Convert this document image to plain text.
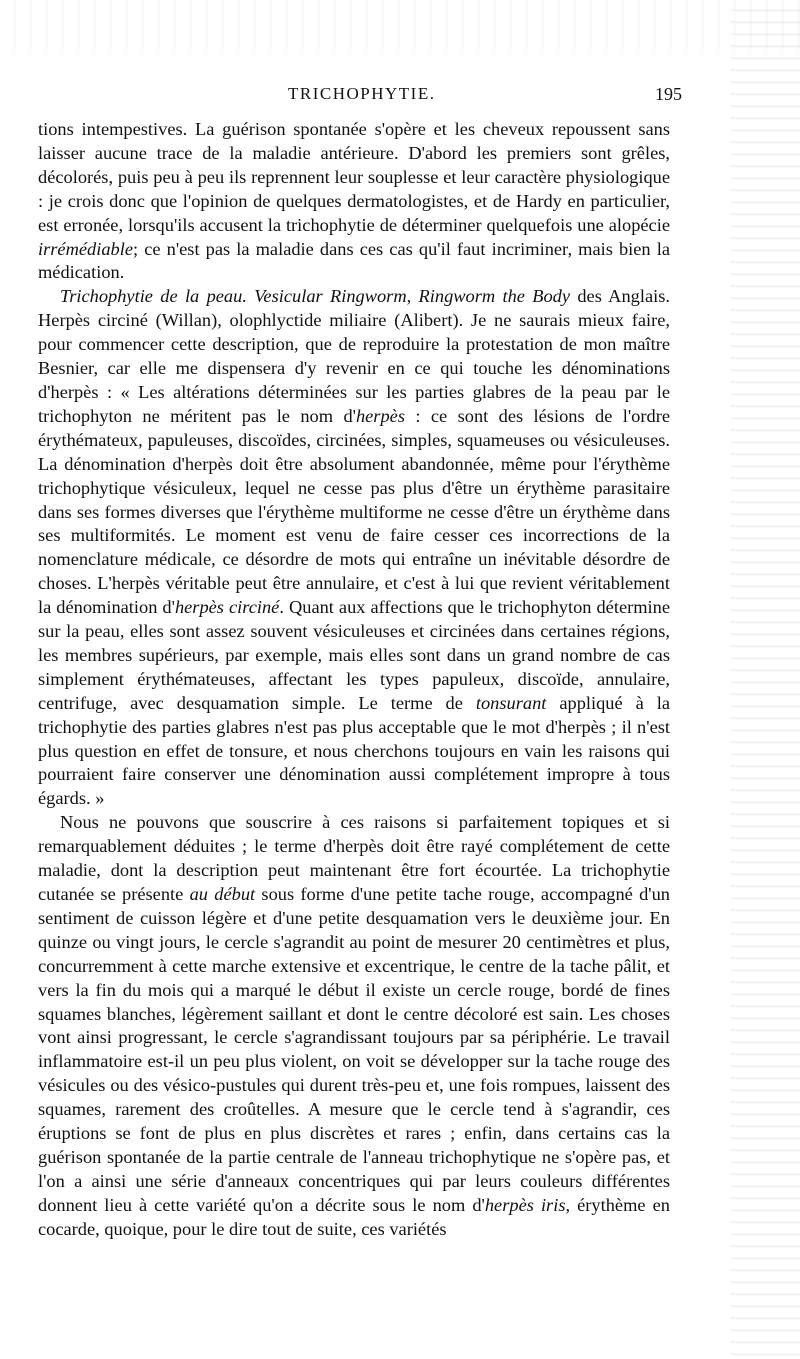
TRICHOPHYTIE.	195

tions intempestives. La guérison spontanée s'opère et les cheveux repoussent sans laisser aucune trace de la maladie antérieure. D'abord les premiers sont grêles, décolorés, puis peu à peu ils reprennent leur souplesse et leur caractère physiologique : je crois donc que l'opinion de quelques dermatologistes, et de Hardy en particulier, est erronée, lorsqu'ils accusent la trichophytie de déterminer quelquefois une alopécie irrémédiable; ce n'est pas la maladie dans ces cas qu'il faut incriminer, mais bien la médication.

Trichophytie de la peau. Vesicular Ringworm, Ringworm the Body des Anglais. Herpès circiné (Willan), olophlyctide miliaire (Alibert). Je ne saurais mieux faire, pour commencer cette description, que de reproduire la protestation de mon maître Besnier, car elle me dispensera d'y revenir en ce qui touche les dénominations d'herpès : « Les altérations déterminées sur les parties glabres de la peau par le trichophyton ne méritent pas le nom d'herpès : ce sont des lésions de l'ordre érythémateux, papuleuses, discoïdes, circinées, simples, squameuses ou vésiculeuses. La dénomination d'herpès doit être absolument abandonnée, même pour l'érythème trichophytique vésiculeux, lequel ne cesse pas plus d'être un érythème parasitaire dans ses formes diverses que l'érythème multiforme ne cesse d'être un érythème dans ses multiformités. Le moment est venu de faire cesser ces incorrections de la nomenclature médicale, ce désordre de mots qui entraîne un inévitable désordre de choses. L'herpès véritable peut être annulaire, et c'est à lui que revient véritablement la dénomination d'herpès circiné. Quant aux affections que le trichophyton détermine sur la peau, elles sont assez souvent vésiculeuses et circinées dans certaines régions, les membres supérieurs, par exemple, mais elles sont dans un grand nombre de cas simplement érythémateuses, affectant les types papuleux, discoïde, annulaire, centrifuge, avec desquamation simple. Le terme de tonsurant appliqué à la trichophytie des parties glabres n'est pas plus acceptable que le mot d'herpès ; il n'est plus question en effet de tonsure, et nous cherchons toujours en vain les raisons qui pourraient faire conserver une dénomination aussi complétement impropre à tous égards. »

Nous ne pouvons que souscrire à ces raisons si parfaitement topiques et si remarquablement déduites ; le terme d'herpès doit être rayé complétement de cette maladie, dont la description peut maintenant être fort écourtée. La trichophytie cutanée se présente au début sous forme d'une petite tache rouge, accompagné d'un sentiment de cuisson légère et d'une petite desquamation vers le deuxième jour. En quinze ou vingt jours, le cercle s'agrandit au point de mesurer 20 centimètres et plus, concurremment à cette marche extensive et excentrique, le centre de la tache pâlit, et vers la fin du mois qui a marqué le début il existe un cercle rouge, bordé de fines squames blanches, légèrement saillant et dont le centre décoloré est sain. Les choses vont ainsi progressant, le cercle s'agrandissant toujours par sa périphérie. Le travail inflammatoire est-il un peu plus violent, on voit se développer sur la tache rouge des vésicules ou des vésico-pustules qui durent très-peu et, une fois rompues, laissent des squames, rarement des croûtelles. A mesure que le cercle tend à s'agrandir, ces éruptions se font de plus en plus discrètes et rares ; enfin, dans certains cas la guérison spontanée de la partie centrale de l'anneau trichophytique ne s'opère pas, et l'on a ainsi une série d'anneaux concentriques qui par leurs couleurs différentes donnent lieu à cette variété qu'on a décrite sous le nom d'herpès iris, érythème en cocarde, quoique, pour le dire tout de suite, ces variétés
